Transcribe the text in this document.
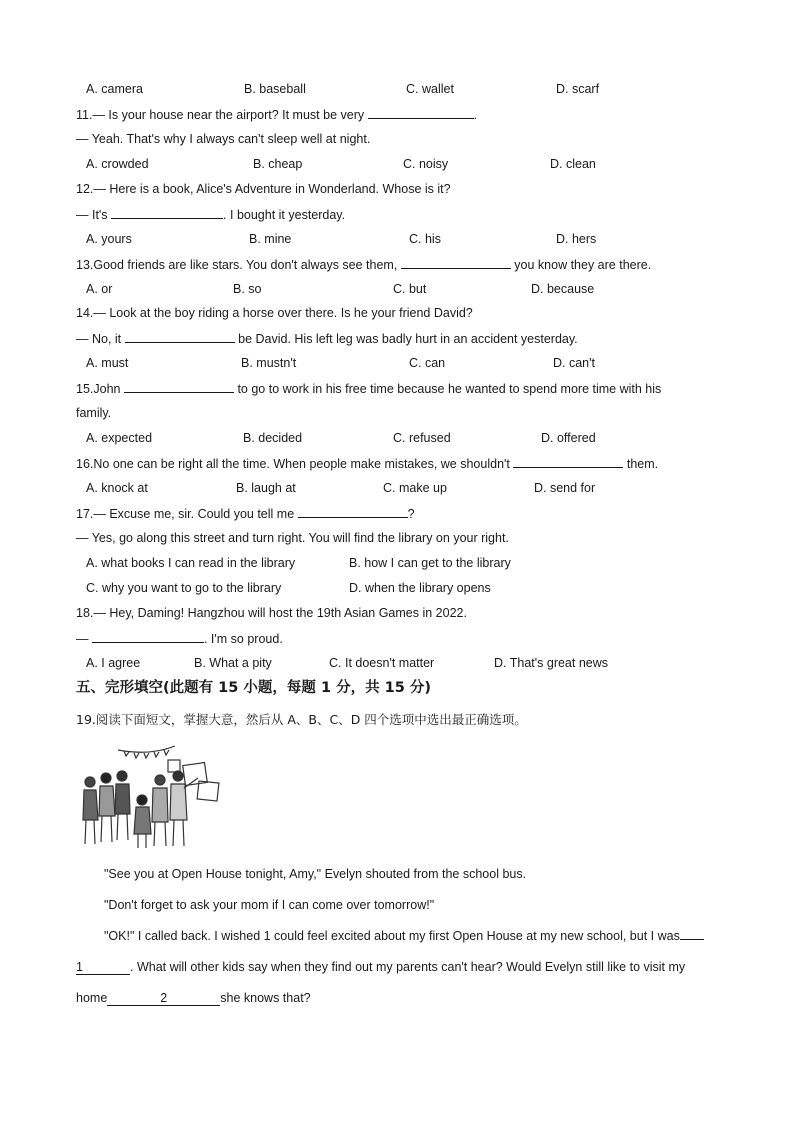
A. camera	B. baseball	C. wallet	D. scarf
11.— Is your house near the airport? It must be very	.
— Yeah. That's why I always can't sleep well at night.
A. crowded	B. cheap	C. noisy	D. clean
12.— Here is a book, Alice's Adventure in Wonderland. Whose is it?
— It's	. I bought it yesterday.
A. yours	B. mine	C. his	D. hers
13.Good friends are like stars. You don't always see them,	you know they are there.
A. or	B. so	C. but	D. because
14.— Look at the boy riding a horse over there. Is he your friend David?
— No, it	be David. His left leg was badly hurt in an accident yesterday.
A. must	B. mustn't	C. can	D. can't
15.John	to go to work in his free time because he wanted to spend more time with his
family.
A. expected	B. decided	C. refused	D. offered
16.No one can be right all the time. When people make mistakes, we shouldn't	them.
A. knock at	B. laugh at	C. make up	D. send for
17.— Excuse me, sir. Could you tell me	?
— Yes, go along this street and turn right. You will find the library on your right.
A. what books I can read in the library	B. how I can get to the library
C. why you want to go to the library	D. when the library opens
18.— Hey, Daming! Hangzhou will host the 19th Asian Games in 2022.
—	. I'm so proud.
A. I agree	B. What a pity	C. It doesn't matter	D. That's great news
五、完形填空(此题有 15 小题，每题 1 分，共 15 分)
19.阅读下面短文，掌握大意，然后从 A、B、C、D 四个选项中选出最正确选项。
"See you at Open House tonight, Amy," Evelyn shouted from the school bus.
"Don't forget to ask your mom if I can come over tomorrow!"
"OK!" I called back. I wished 1 could feel excited about my first Open House at my new school, but I was
1	. What will other kids say when they find out my parents can't hear? Would Evelyn still like to visit my
home	2	she knows that?
